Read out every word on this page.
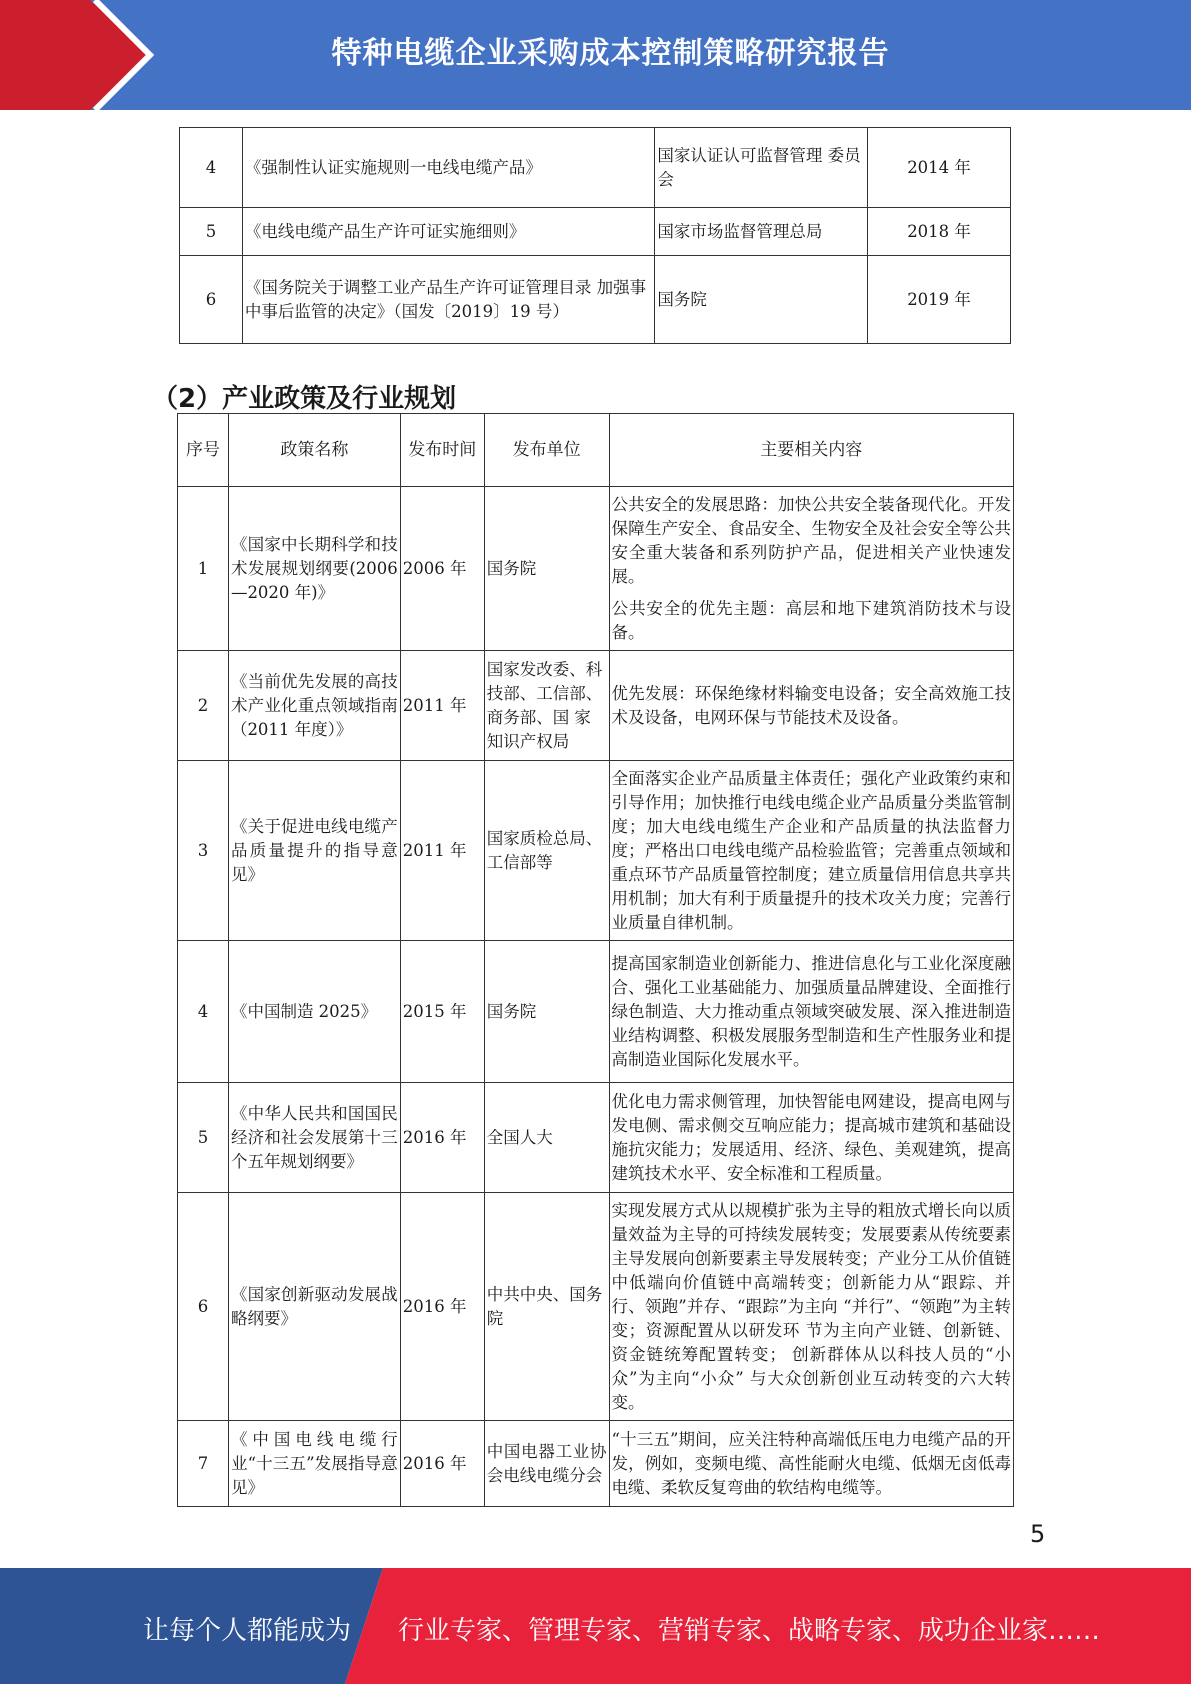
特种电缆企业采购成本控制策略研究报告
4	《强制性认证实施规则一电线电缆产品》	国家认证认可监督管理 委员会	2014 年
5	《电线电缆产品生产许可证实施细则》	国家市场监督管理总局	2018 年
6	《国务院关于调整工业产品生产许可证管理目录 加强事中事后监管的决定》（国发〔2019〕19 号）	国务院	2019 年
（2）产业政策及行业规划
序号	政策名称	发布时间	发布单位	主要相关内容
1	《国家中长期科学和技术发展规划纲要(2006—2020 年)》	2006 年	国务院	公共安全的发展思路：加快公共安全装备现代化。开发保障生产安全、食品安全、生物安全及社会安全等公共安全重大装备和系列防护产品，促进相关产业快速发展。

公共安全的优先主题：高层和地下建筑消防技术与设备。

2	《当前优先发展的高技术产业化重点领域指南（2011 年度）》	2011 年	国家发改委、科技部、工信部、商务部、国 家知识产权局	优先发展：环保绝缘材料输变电设备；安全高效施工技术及设备，电网环保与节能技术及设备。

3	《关于促进电线电缆产品质量提升的指导意见》	2011 年	国家质检总局、工信部等	全面落实企业产品质量主体责任；强化产业政策约束和引导作用；加快推行电线电缆企业产品质量分类监管制度；加大电线电缆生产企业和产品质量的执法监督力度；严格出口电线电缆产品检验监管；完善重点领域和重点环节产品质量管控制度；建立质量信用信息共享共用机制；加大有利于质量提升的技术攻关力度；完善行业质量自律机制。

4	《中国制造 2025》	2015 年	国务院	提高国家制造业创新能力、推进信息化与工业化深度融合、强化工业基础能力、加强质量品牌建设、全面推行绿色制造、大力推动重点领域突破发展、深入推进制造业结构调整、积极发展服务型制造和生产性服务业和提高制造业国际化发展水平。

5	《中华人民共和国国民经济和社会发展第十三个五年规划纲要》	2016 年	全国人大	优化电力需求侧管理，加快智能电网建设，提高电网与发电侧、需求侧交互响应能力；提高城市建筑和基础设施抗灾能力；发展适用、经济、绿色、美观建筑，提高建筑技术水平、安全标准和工程质量。

6	《国家创新驱动发展战略纲要》	2016 年	中共中央、国务院	实现发展方式从以规模扩张为主导的粗放式增长向以质量效益为主导的可持续发展转变；发展要素从传统要素主导发展向创新要素主导发展转变；产业分工从价值链中低端向价值链中高端转变；创新能力从“跟踪、并行、领跑”并存、“跟踪”为主向 “并行”、“领跑”为主转变；资源配置从以研发环 节为主向产业链、创新链、资金链统筹配置转变； 创新群体从以科技人员的“小众”为主向“小众” 与大众创新创业互动转变的六大转变。

7	《中国电线电缆行业“十三五”发展指导意见》	2016 年	中国电器工业协会电线电缆分会	“十三五”期间，应关注特种高端低压电力电缆产品的开发，例如，变频电缆、高性能耐火电缆、低烟无卤低毒电缆、柔软反复弯曲的软结构电缆等。

5
让每个人都能成为 行业专家、管理专家、营销专家、战略专家、成功企业家……
